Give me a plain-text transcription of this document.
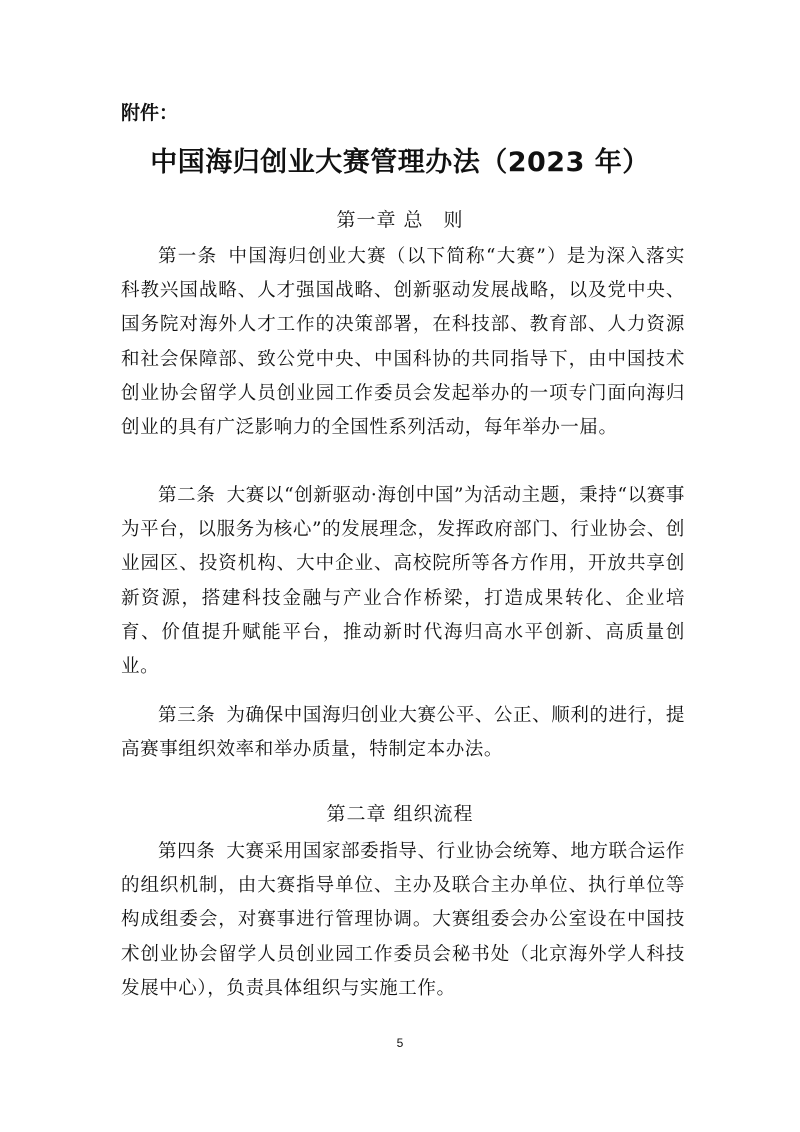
附件：
中国海归创业大赛管理办法（2023 年）
第一章 总　则

第一条 中国海归创业大赛（以下简称“大赛”）是为深入落实科教兴国战略、人才强国战略、创新驱动发展战略，以及党中央、国务院对海外人才工作的决策部署，在科技部、教育部、人力资源和社会保障部、致公党中央、中国科协的共同指导下，由中国技术创业协会留学人员创业园工作委员会发起举办的一项专门面向海归创业的具有广泛影响力的全国性系列活动，每年举办一届。

第二条 大赛以“创新驱动·海创中国”为活动主题，秉持“以赛事为平台，以服务为核心”的发展理念，发挥政府部门、行业协会、创业园区、投资机构、大中企业、高校院所等各方作用，开放共享创新资源，搭建科技金融与产业合作桥梁，打造成果转化、企业培育、价值提升赋能平台，推动新时代海归高水平创新、高质量创业。

第三条 为确保中国海归创业大赛公平、公正、顺利的进行，提高赛事组织效率和举办质量，特制定本办法。

第二章 组织流程

第四条 大赛采用国家部委指导、行业协会统筹、地方联合运作的组织机制，由大赛指导单位、主办及联合主办单位、执行单位等构成组委会，对赛事进行管理协调。大赛组委会办公室设在中国技术创业协会留学人员创业园工作委员会秘书处（北京海外学人科技发展中心），负责具体组织与实施工作。

5
